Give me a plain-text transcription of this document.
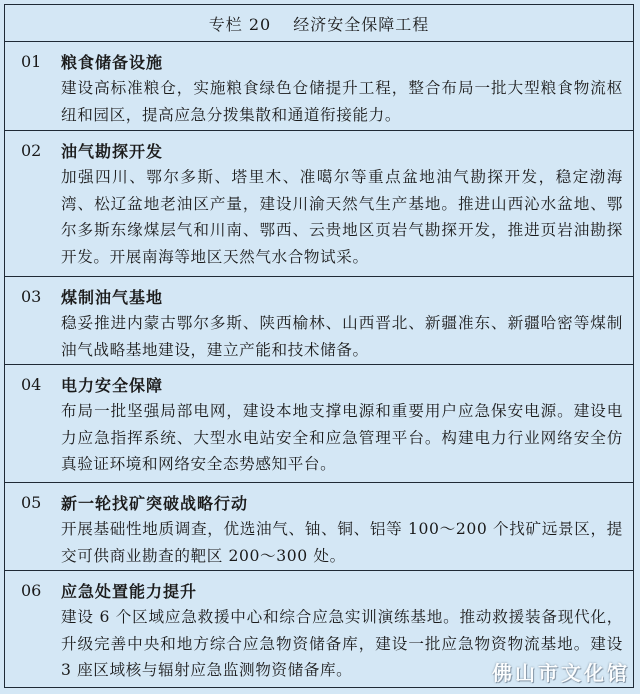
专栏 20 经济安全保障工程
01	粮食储备设施
建设高标准粮仓，实施粮食绿色仓储提升工程，整合布局一批大型粮食物流枢纽和园区，提高应急分拨集散和通道衔接能力。
02	油气勘探开发
加强四川、鄂尔多斯、塔里木、准噶尔等重点盆地油气勘探开发，稳定渤海湾、松辽盆地老油区产量，建设川渝天然气生产基地。推进山西沁水盆地、鄂尔多斯东缘煤层气和川南、鄂西、云贵地区页岩气勘探开发，推进页岩油勘探开发。开展南海等地区天然气水合物试采。
03	煤制油气基地
稳妥推进内蒙古鄂尔多斯、陕西榆林、山西晋北、新疆准东、新疆哈密等煤制油气战略基地建设，建立产能和技术储备。
04	电力安全保障
布局一批坚强局部电网，建设本地支撑电源和重要用户应急保安电源。建设电力应急指挥系统、大型水电站安全和应急管理平台。构建电力行业网络安全仿真验证环境和网络安全态势感知平台。
05	新一轮找矿突破战略行动
开展基础性地质调查，优选油气、铀、铜、铝等 100～200 个找矿远景区，提交可供商业勘查的靶区 200～300 处。
06	应急处置能力提升
建设 6 个区域应急救援中心和综合应急实训演练基地。推动救援装备现代化，升级完善中央和地方综合应急物资储备库，建设一批应急物资物流基地。建设 3 座区域核与辐射应急监测物资储备库。	佛山市文化馆
